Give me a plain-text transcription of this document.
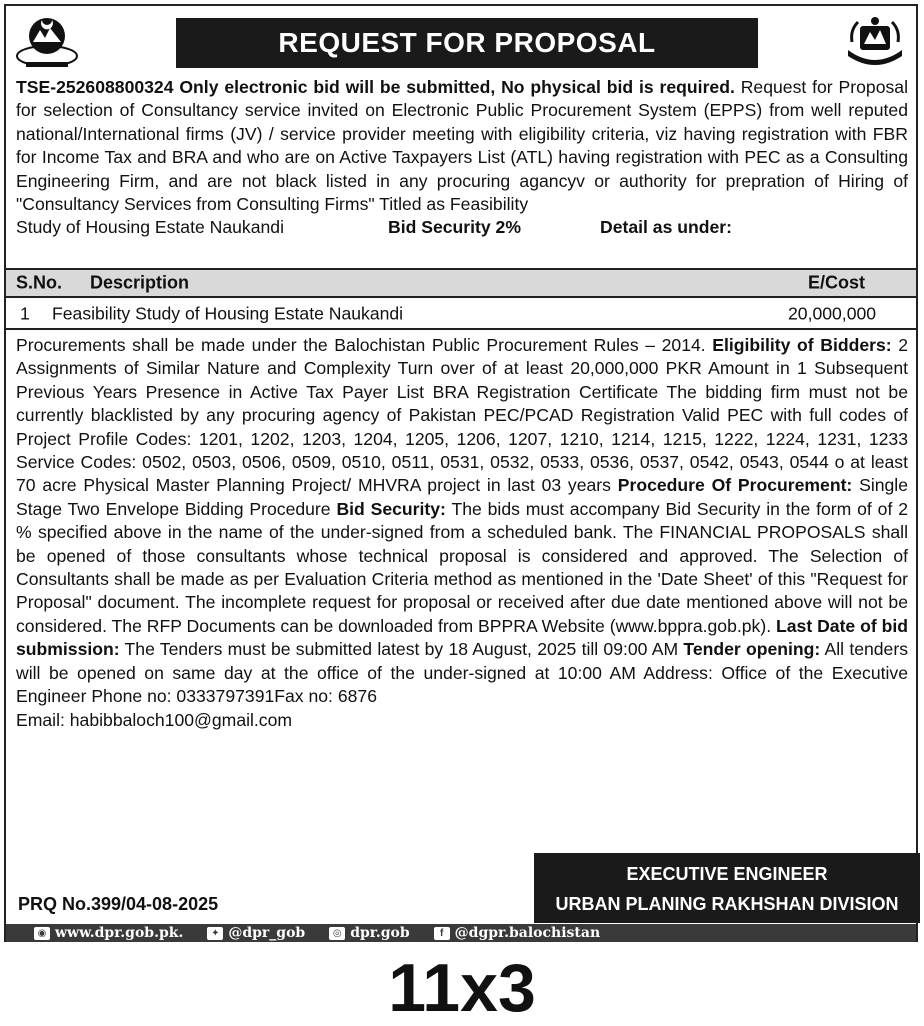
REQUEST FOR PROPOSAL
TSE-252608800324 Only electronic bid will be submitted, No physical bid is required. Request for Proposal for selection of Consultancy service invited on Electronic Public Procurement System (EPPS) from well reputed national/International firms (JV) / service provider meeting with eligibility criteria, viz having registration with FBR for Income Tax and BRA and who are on Active Taxpayers List (ATL) having registration with PEC as a Consulting Engineering Firm, and are not black listed in any procuring agancyv or authority for prepration of Hiring of "Consultancy Services from Consulting Firms" Titled as Feasibility
Study of Housing Estate Naukandi	Bid Security 2%	Detail as under:
S.No. Description	E/Cost
1 Feasibility Study of Housing Estate Naukandi	20,000,000
Procurements shall be made under the Balochistan Public Procurement Rules – 2014. Eligibility of Bidders: 2 Assignments of Similar Nature and Complexity Turn over of at least 20,000,000 PKR Amount in 1 Subsequent Previous Years Presence in Active Tax Payer List BRA Registration Certificate The bidding firm must not be currently blacklisted by any procuring agency of Pakistan PEC/PCAD Registration Valid PEC with full codes of Project Profile Codes: 1201, 1202, 1203, 1204, 1205, 1206, 1207, 1210, 1214, 1215, 1222, 1224, 1231, 1233 Service Codes: 0502, 0503, 0506, 0509, 0510, 0511, 0531, 0532, 0533, 0536, 0537, 0542, 0543, 0544 o at least 70 acre Physical Master Planning Project/ MHVRA project in last 03 years Procedure Of Procurement: Single Stage Two Envelope Bidding Procedure Bid Security: The bids must accompany Bid Security in the form of of 2 % specified above in the name of the under-signed from a scheduled bank. The FINANCIAL PROPOSALS shall be opened of those consultants whose technical proposal is considered and approved. The Selection of Consultants shall be made as per Evaluation Criteria method as mentioned in the 'Date Sheet' of this "Request for Proposal" document. The incomplete request for proposal or received after due date mentioned above will not be considered. The RFP Documents can be downloaded from BPPRA Website (www.bppra.gob.pk). Last Date of bid submission: The Tenders must be submitted latest by 18 August, 2025 till 09:00 AM Tender opening: All tenders will be opened on same day at the office of the under-signed at 10:00 AM Address: Office of the Executive Engineer Phone no: 0333797391Fax no: 6876
Email: habibbaloch100@gmail.com
PRQ No.399/04-08-2025
EXECUTIVE ENGINEER
URBAN PLANING RAKHSHAN DIVISION
◉ www.dpr.gob.pk.	✦ @dpr_gob	◎ dpr.gob	f @dgpr.balochistan
11x3
